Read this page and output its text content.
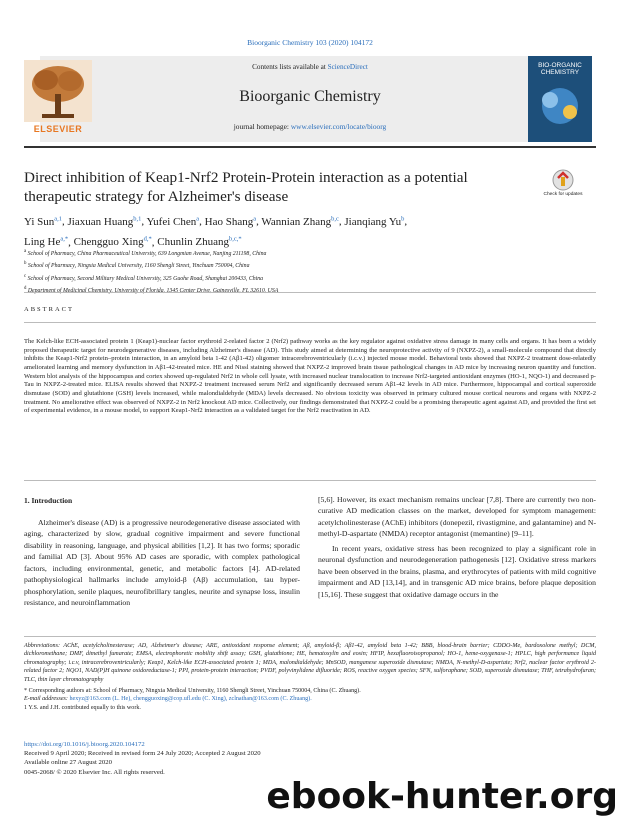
Bioorganic Chemistry 103 (2020) 104172
ELSEVIER
Contents lists available at ScienceDirect
Bioorganic Chemistry
journal homepage: www.elsevier.com/locate/bioorg
BIO-ORGANIC CHEMISTRY
Direct inhibition of Keap1-Nrf2 Protein-Protein interaction as a potential therapeutic strategy for Alzheimer's disease	Check for updates
Yi Sun$^{a,1}$, Jiaxuan Huang$^{b,1}$, Yufei Chen$^a$, Hao Shang$^a$, Wannian Zhang$^{b,c}$, Jianqiang Yu$^b$,
Ling $He^{a,*}$, Chengguo Xing$^{d,*}$, Chunlin Zhuang$^{b,c,*}$
$^a$ School of Pharmacy, China Pharmaceutical University, 639 Longmian Avenue, Nanjing 211198, China
$^b$ School of Pharmacy, Ningxia Medical University, 1160 Shengli Street, Yinchuan 750004, China
$^c$ School of Pharmacy, Second Military Medical University, 325 Guohe Road, Shanghai 200433, China
$^d$ Department of Medicinal Chemistry, University of Florida, 1345 Center Drive, Gainesville, FL 32610, USA
ABSTRACT
The Kelch-like ECH-associated protein 1 (Keap1)-nuclear factor erythroid 2-related factor 2 (Nrf2) pathway works as the key regulator against oxidative stress damage in many cells and organs. It has been a widely proposed therapeutic target for neurodegenerative diseases, including Alzheimer's disease (AD). This study aimed at determining the neuroprotective activity of 9 (NXPZ-2), a small-molecule compound that directly inhibits the Keap1-Nrf2 protein–protein interaction, in an amyloid beta 1-42 (Aβ1-42) oligomer intracerebroventricularly (i.c.v.) injected mouse model. Behavioral tests showed that NXPZ-2 treatment dose-relatedly ameliorated learning and memory dysfunction in Aβ1-42-treated mice. HE and Nissl staining showed that NXPZ-2 improved brain tissue pathological changes in AD mice by increasing neuron quantity and function. Western blot analysis of the hippocampus and cortex showed up-regulated Nrf2 in whole cell lysate, with increased nuclear translocation to increase Nrf2-targeted antioxidant enzymes (HO-1, NQO-1) and decreased p-Tau in NXPZ-2-treated mice. ELISA results showed that NXPZ-2 treatment increased serum Nrf2 and significantly decreased serum Aβ1-42 levels in AD mice. Furthermore, hippocampal and cortical superoxide dismutase (SOD) and glutathione (GSH) levels increased, while malondialdehyde (MDA) levels decreased. No obvious toxicity was observed in primary cultured mouse cortical neurons and organs with NXPZ-2 treatment. No ameliorative effect was observed of NXPZ-2 in Nrf2 knockout AD mice. Collectively, our findings demonstrated that NXPZ-2 could be a promising therapeutic agent against AD, and provided the first set of experimental evidence, in a mouse model, to support Keap1-Nrf2 interaction as a validated target for the Nrf2 reactivation in AD.
1. Introduction
Alzheimer's disease (AD) is a progressive neurodegenerative disease associated with aging, characterized by slow, gradual cognitive impairment and severe functional disability in reasoning, language, and physical abilities [1,2]. It has two forms; sporadic and familial AD [3]. About 95% AD cases are sporadic, with complex pathological factors, including environmental, genetic, and metabolic factors [4]. AD-related pathophysiological hallmarks include amyloid-β (Aβ) accumulation, tau hyper-phosphorylation, senile plaques, neurofibrillary tangles, neurite and synapse loss, insulin resistance, and neuroinflammation

[5,6]. However, its exact mechanism remains unclear [7,8]. There are currently two non-curative AD medication classes on the market, developed for symptom management: acetylcholinesterase (AChE) inhibitors (donepezil, rivastigmine, and galantamine) and N-methyl-D-aspartate (NMDA) receptor antagonist (memantine) [9–11].

In recent years, oxidative stress has been recognized to play a significant role in neuronal dysfunction and neurodegeneration pathogenesis [12]. Oxidative stress markers have been observed in the brains, plasma, and erythrocytes of patients with mild cognitive impairment and AD [13,14], and in transgenic AD mice brains, before plaque deposition [15,16]. These suggest that oxidative damage occurs in the

Abbreviations: AChE, acetylcholinesterase; AD, Alzheimer's disease; ARE, antioxidant response element; Aβ, amyloid-β; Aβ1-42, amyloid beta 1-42; BBB, blood-brain barrier; CDDO-Me, bardoxolone methyl; DCM, dichloromethane; DMF, dimethyl fumarate; EMSA, electrophoretic mobility shift assay; GSH, glutathione; HE, hematoxylin and eosin; HFIP, hexafluoroisopropanol; HO-1, heme-oxygenase-1; HPLC, high performance liquid chromatography; i.c.v, intracerebroventricularly; Keap1, Kelch-like ECH-associated protein 1; MDA, malondialdehyde; MnSOD, manganese superoxide dismutase; NMDA, N-methyl-D-aspartate; Nrf2, nuclear factor erythroid 2-related factor 2; NQO1, NAD(P)H quinone oxidoreductase-1; PPI, protein-protein interaction; PVDF, polyvinylidene difluoride; ROS, reactive oxygen species; SFN, sulforaphane; SOD, superoxide dismutase; THF, tetrahydrofuran; TLC, thin layer chromatography

* Corresponding authors at: School of Pharmacy, Ningxia Medical University, 1160 Shengli Street, Yinchuan 750004, China (C. Zhuang).

E-mail addresses: hexyz@163.com (L. He), chengguoxing@cop.ufl.edu (C. Xing), zclnathan@163.com (C. Zhuang).

1 Y.S. and J.H. contributed equally to this work.

https://doi.org/10.1016/j.bioorg.2020.104172
Received 9 April 2020; Received in revised form 24 July 2020; Accepted 2 August 2020
Available online 27 August 2020
0045-2068/ © 2020 Elsevier Inc. All rights reserved.
ebook-hunter.org
